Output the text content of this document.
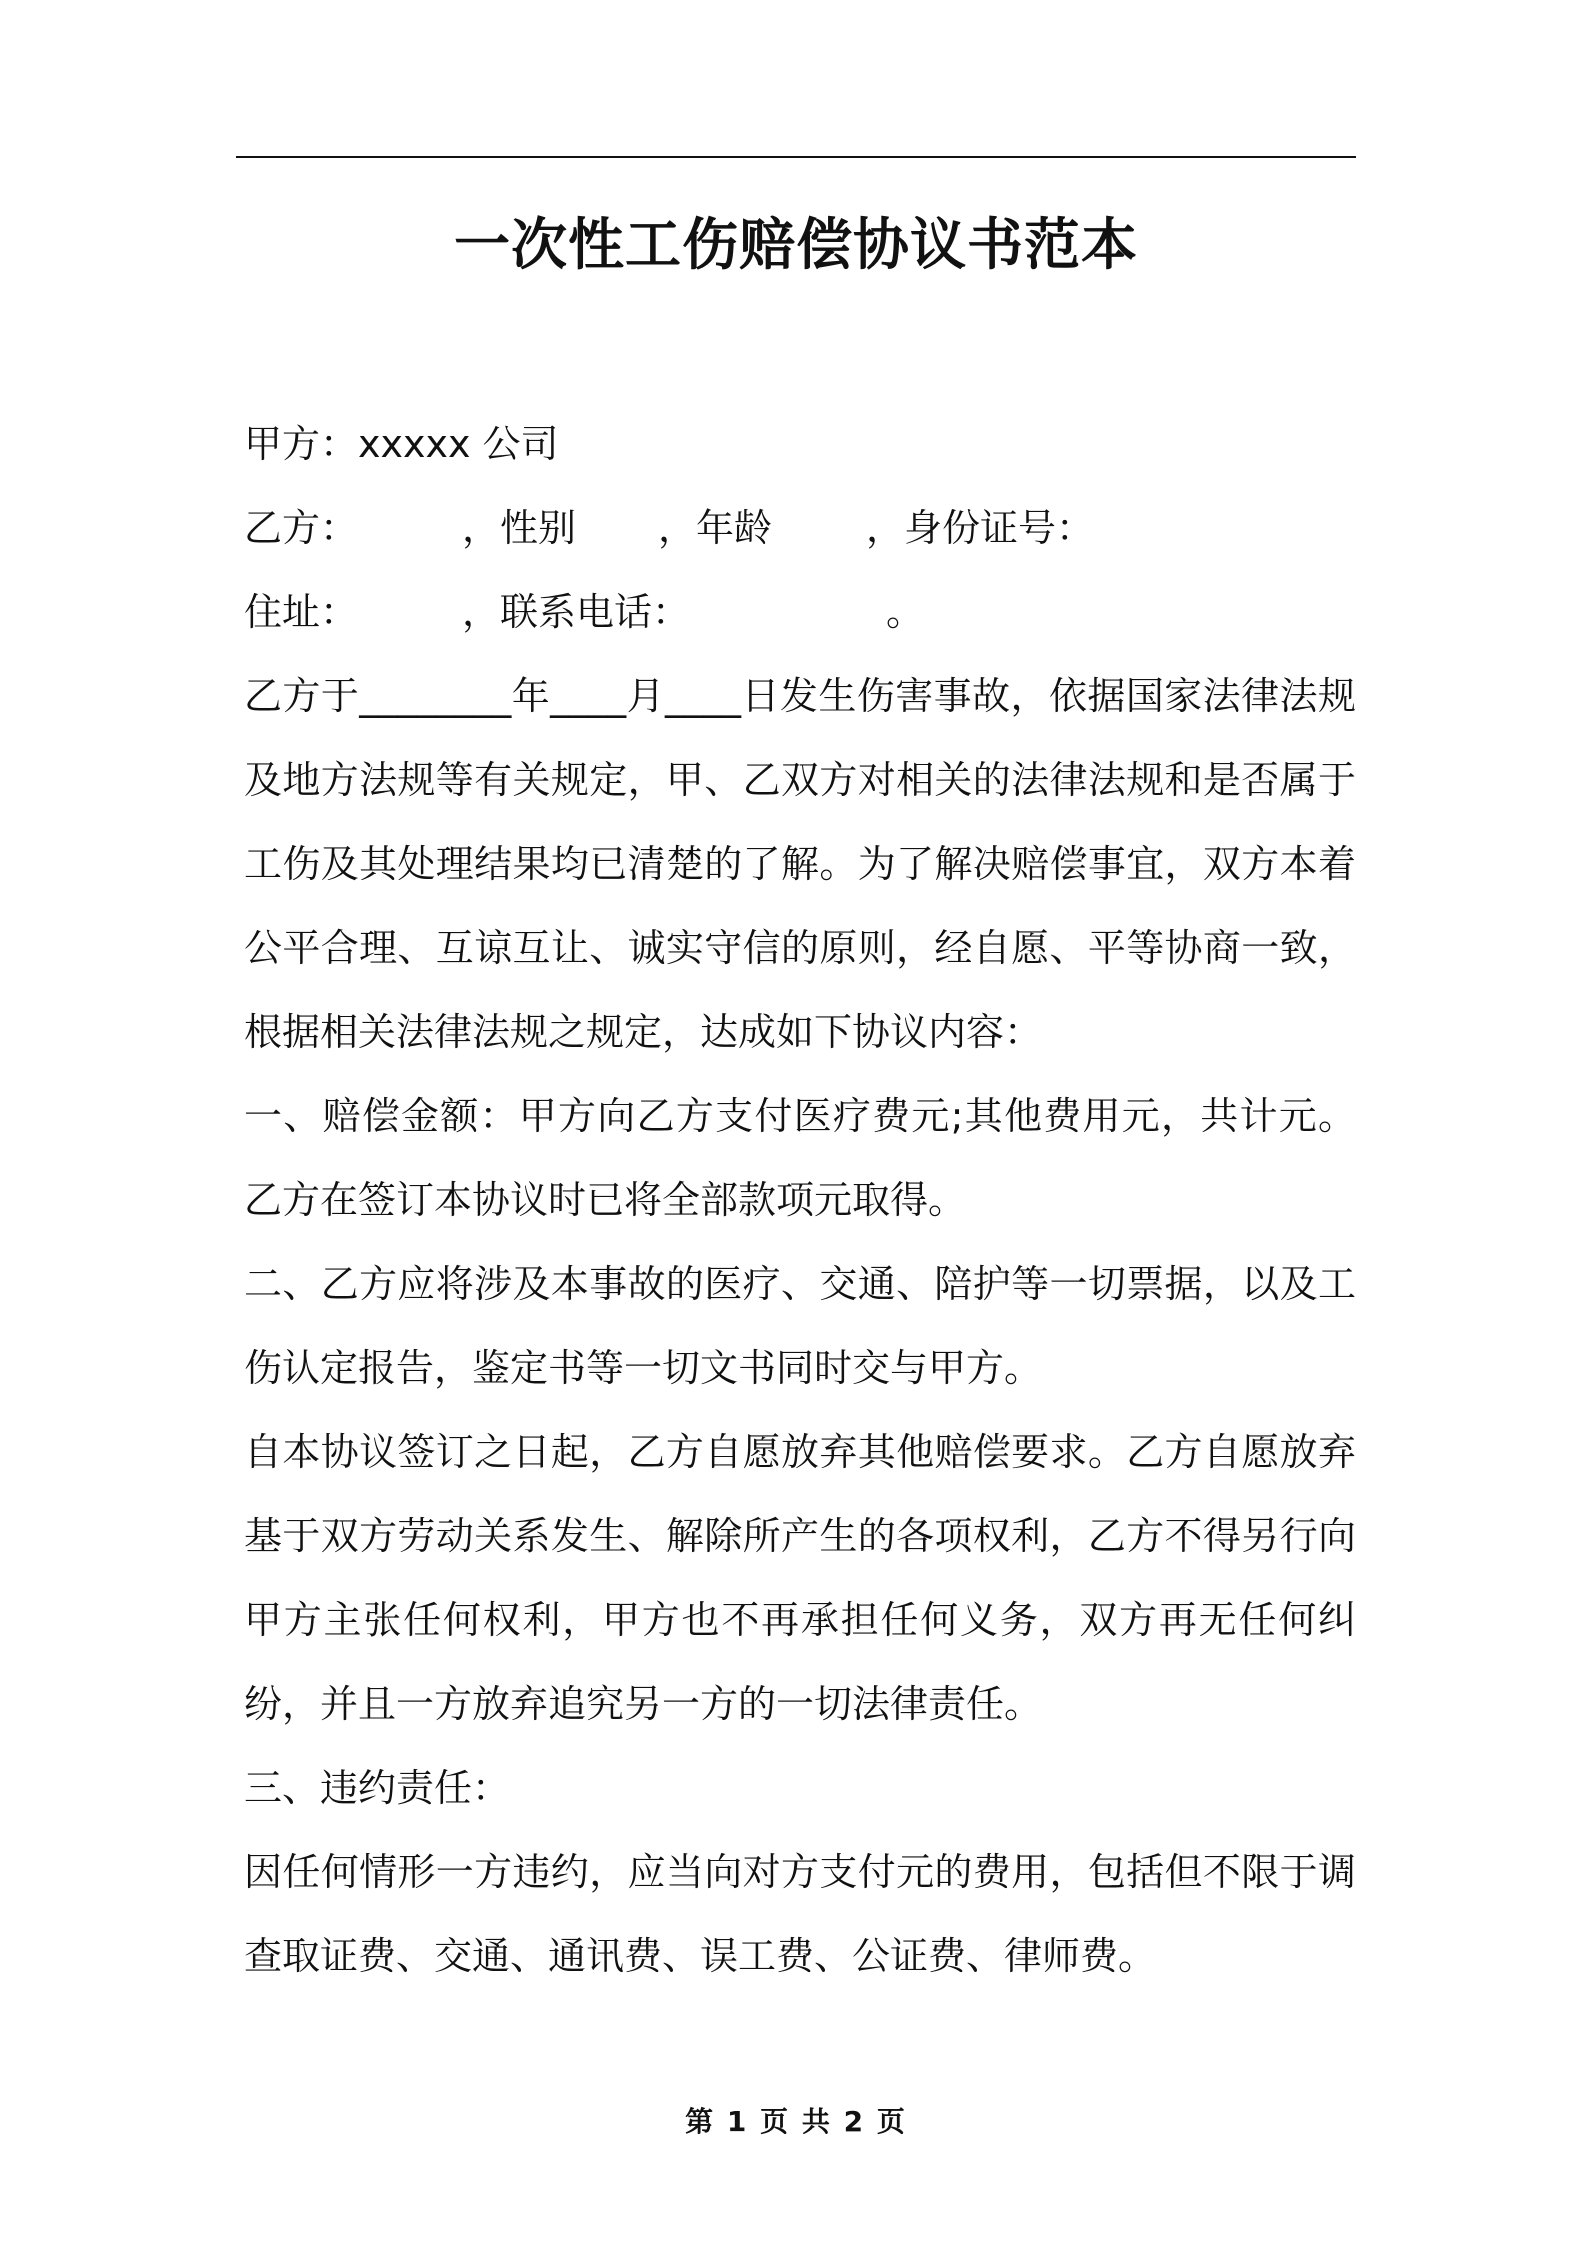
一次性工伤赔偿协议书范本
甲方： xxxxx 公司
乙方：	，性别 ，年龄 ，身份证号：
住址：	，联系电话：	。

乙方于________年____月____日发生伤害事故，依据国家法律法规及地方法规等有关规定，甲、乙双方对相关的法律法规和是否属于工伤及其处理结果均已清楚的了解。为了解决赔偿事宜，双方本着公平合理、互谅互让、诚实守信的原则，经自愿、平等协商一致，根据相关法律法规之规定，达成如下协议内容：

一、赔偿金额：甲方向乙方支付医疗费元;其他费用元，共计元。乙方在签订本协议时已将全部款项元取得。

二、乙方应将涉及本事故的医疗、交通、陪护等一切票据，以及工伤认定报告，鉴定书等一切文书同时交与甲方。

自本协议签订之日起，乙方自愿放弃其他赔偿要求。乙方自愿放弃基于双方劳动关系发生、解除所产生的各项权利，乙方不得另行向甲方主张任何权利，甲方也不再承担任何义务，双方再无任何纠纷，并且一方放弃追究另一方的一切法律责任。

三、违约责任：

因任何情形一方违约，应当向对方支付元的费用，包括但不限于调查取证费、交通、通讯费、误工费、公证费、律师费。

第 1 页 共 2 页
